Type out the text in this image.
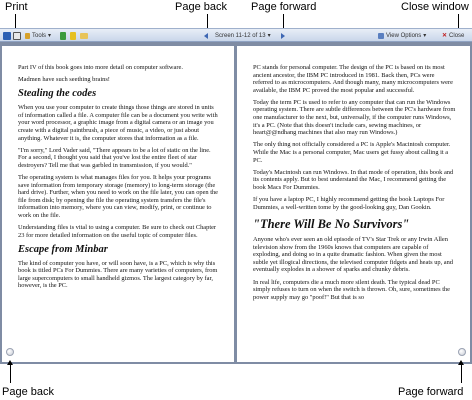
Print	Page back Page forward	Close window
Tools ▾	Screen 11-12 of 13 ▾	View Options ▾	✕ Close

Part IV of this book goes into more detail on computer software.

Madmen have such seething brains!

Stealing the codes

When you use your computer to create things those things are stored in units of information called a file. A computer file can be a document you write with your word processor, a graphic image from a digital camera or an image you create with a digital paintbrush, a piece of music, a video, or just about anything. Whatever it is, the computer stores that information as a file.

"I'm sorry," Lord Vader said, "There appears to be a lot of static on the line. For a second, I thought you said that you've lost the entire fleet of star destroyers? Tell me that was garbled in transmission, if you would."

The operating system is what manages files for you. It helps your programs save information from temporary storage (memory) to long-term storage (the hard drive). Further, when you need to work on the file later, you can open the file from disk; by opening the file the operating system transfers the file's information into memory, where you can view, modify, print, or continue to work on the file.

Understanding files is vital to using a computer. Be sure to check out Chapter 23 for more detailed information on the useful topic of computer files.

Escape from Minbar

The kind of computer you have, or will soon have, is a PC, which is why this book is titled PCs For Dummies. There are many varieties of computers, from large supercomputers to small handheld gizmos. The largest category by far, however, is the PC.

PC stands for personal computer. The design of the PC is based on its most ancient ancestor, the IBM PC introduced in 1981. Back then, PCs were referred to as microcomputers. And though many, many microcomputers were available, the IBM PC proved the most popular and successful.

Today the term PC is used to refer to any computer that can run the Windows operating system. There are subtle differences between the PC's hardware from one manufacturer to the next, but, universally, if the computer runs Windows, it's a PC. (Note that this doesn't include cars, sewing machines, or heart@@ndhang machines that also may run Windows.)

The only thing not officially considered a PC is Apple's Macintosh computer. While the Mac is a personal computer, Mac users get fussy about calling it a PC.

Today's Macintosh can run Windows. In that mode of operation, this book and its contents apply. But to best understand the Mac, I recommend getting the book Macs For Dummies.

If you have a laptop PC, I highly recommend getting the book Laptops For Dummies, a well-written tome by the good-looking guy, Dan Gookin.

"There Will Be No Survivors"

Anyone who's ever seen an old episode of TV's Star Trek or any Irwin Allen television show from the 1960s knows that computers are capable of exploding, and doing so in a quite dramatic fashion. When given the most subtle yet illogical directions, the televised computer fidgets and heats up, and eventually explodes in a shower of sparks and chunky debris.

In real life, computers die a much more silent death. The typical dead PC simply refuses to turn on when the switch is thrown. Oh, sure, sometimes the power supply may go "poof!" But that is so

Page back	Page forward
